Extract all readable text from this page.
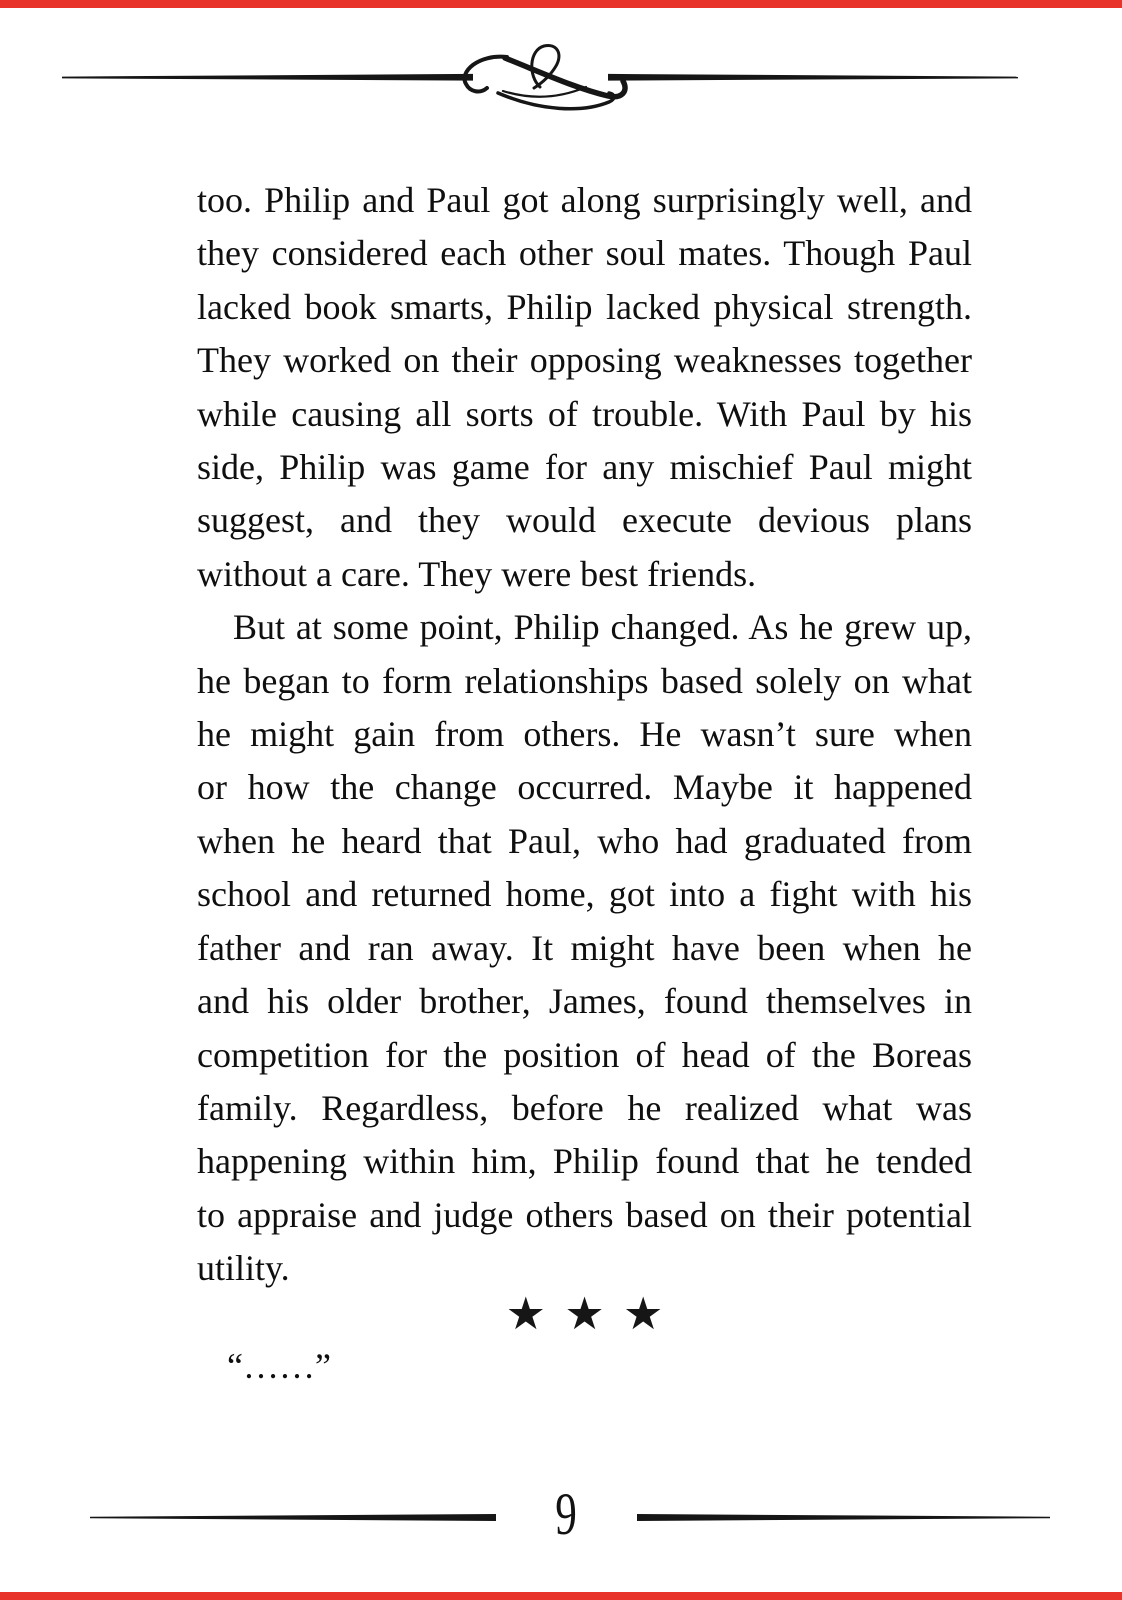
too. Philip and Paul got along surprisingly well, and
they considered each other soul mates. Though Paul
lacked book smarts, Philip lacked physical strength.
They worked on their opposing weaknesses together
while causing all sorts of trouble. With Paul by his
side, Philip was game for any mischief Paul might
suggest, and they would execute devious plans
without a care. They were best friends.
But at some point, Philip changed. As he grew up,
he began to form relationships based solely on what
he might gain from others. He wasn’t sure when
or how the change occurred. Maybe it happened
when he heard that Paul, who had graduated from
school and returned home, got into a fight with his
father and ran away. It might have been when he
and his older brother, James, found themselves in
competition for the position of head of the Boreas
family. Regardless, before he realized what was
happening within him, Philip found that he tended
to appraise and judge others based on their potential
utility.
★ ★ ★
“……”
9
